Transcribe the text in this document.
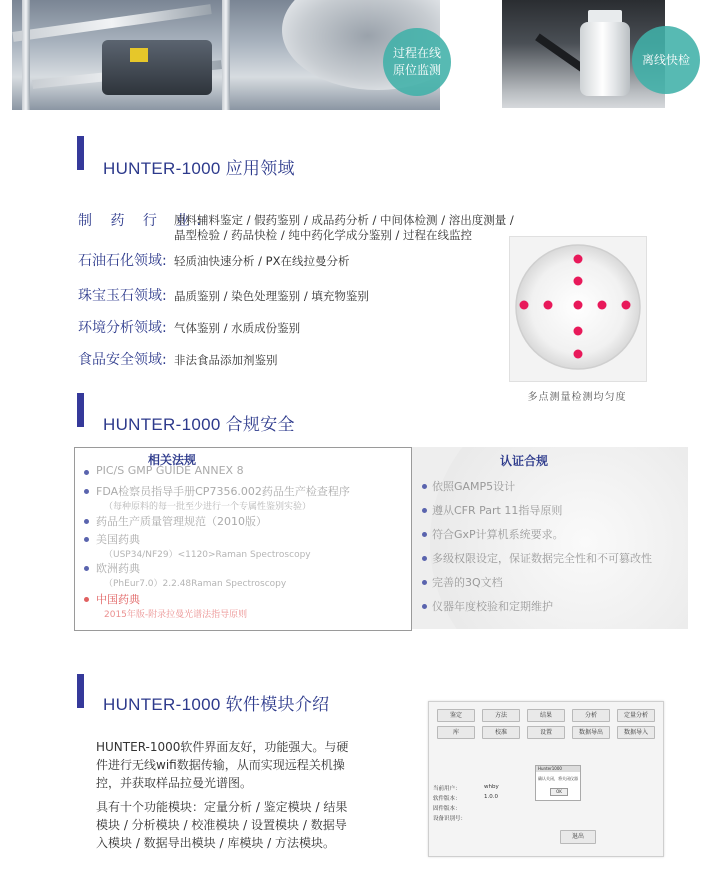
过程在线
原位监测
离线快检
HUNTER-1000 应用领域
制 药 行 业:
原料辅料鉴定 / 假药鉴别 / 成品药分析 / 中间体检测 / 溶出度测量 /
晶型检验 / 药品快检 / 纯中药化学成分鉴别 / 过程在线监控
石油石化领域: 轻质油快速分析 / PX在线拉曼分析
珠宝玉石领域: 晶质鉴别 / 染色处理鉴别 / 填充物鉴别
环境分析领域: 气体鉴别 / 水质成份鉴别
食品安全领域: 非法食品添加剂鉴别
多点测量检测均匀度
HUNTER-1000 合规安全
相关法规
PIC/S GMP GUIDE ANNEX 8
FDA检察员指导手册CP7356.002药品生产检查程序
（每种原料的每一批至少进行一个专属性鉴别实验）
药品生产质量管理规范（2010版）
美国药典
（USP34/NF29）<1120>Raman Spectroscopy
欧洲药典
（PhEur7.0）2.2.48Raman Spectroscopy
中国药典
2015年版-附录拉曼光谱法指导原则
认证合规
依照GAMP5设计
遵从CFR Part 11指导原则
符合GxP计算机系统要求。
多级权限设定，保证数据完全性和不可篡改性
完善的3Q文档
仪器年度校验和定期维护
HUNTER-1000 软件模块介绍
HUNTER-1000软件界面友好，功能强大。与硬件进行无线wifi数据传输，从而实现远程关机操控，并获取样品拉曼光谱图。
具有十个功能模块：定量分析 / 鉴定模块 / 结果模块 / 分析模块 / 校准模块 / 设置模块 / 数据导入模块 / 数据导出模块 / 库模块 / 方法模块。
鉴定	方法	结果	分析	定量分析
库	校准	设置	数据导出	数据导入
当前用户：	whby
软件版本：	1.0.0
固件版本：
设备识别号：
Hunter1000
确认关闭，将关闭仪器
OK
退出
